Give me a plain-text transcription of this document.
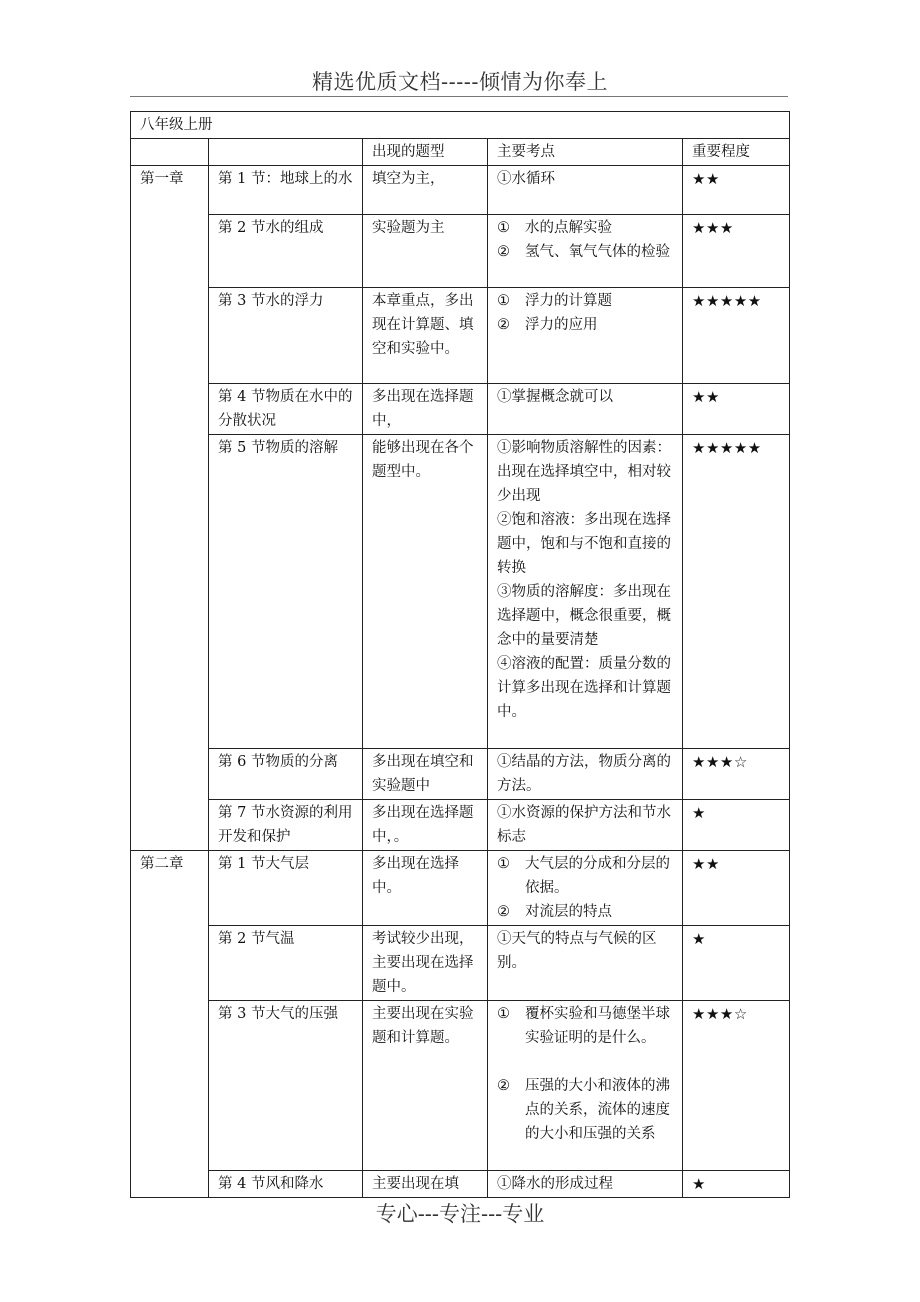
精选优质文档-----倾情为你奉上
八年级上册				
		出现的题型	主要考点	重要程度
第一章	第 1 节：地球上的水	填空为主，	①水循环	★★
	第 2 节水的组成	实验题为主	① 水的点解实验
② 氢气、氧气气体的检验	★★★
	第 3 节水的浮力	本章重点，多出现在计算题、填空和实验中。	① 浮力的计算题
② 浮力的应用	★★★★★
	第 4 节物质在水中的分散状况	多出现在选择题中，	①掌握概念就可以	★★
	第 5 节物质的溶解	能够出现在各个题型中。	①影响物质溶解性的因素：出现在选择填空中，相对较少出现
②饱和溶液：多出现在选择题中，饱和与不饱和直接的转换
③物质的溶解度：多出现在选择题中，概念很重要，概念中的量要清楚
④溶液的配置：质量分数的计算多出现在选择和计算题中。	★★★★★
	第 6 节物质的分离	多出现在填空和实验题中	①结晶的方法，物质分离的方法。	★★★☆
	第 7 节水资源的利用开发和保护	多出现在选择题中，。	①水资源的保护方法和节水标志	★
第二章	第 1 节大气层	多出现在选择中。	① 大气层的分成和分层的依据。
② 对流层的特点	★★
	第 2 节气温	考试较少出现，主要出现在选择题中。	①天气的特点与气候的区别。	★
	第 3 节大气的压强	主要出现在实验题和计算题。	① 覆杯实验和马德堡半球实验证明的是什么。
② 压强的大小和液体的沸点的关系，流体的速度的大小和压强的关系	★★★☆
	第 4 节风和降水	主要出现在填	①降水的形成过程	★
专心---专注---专业
